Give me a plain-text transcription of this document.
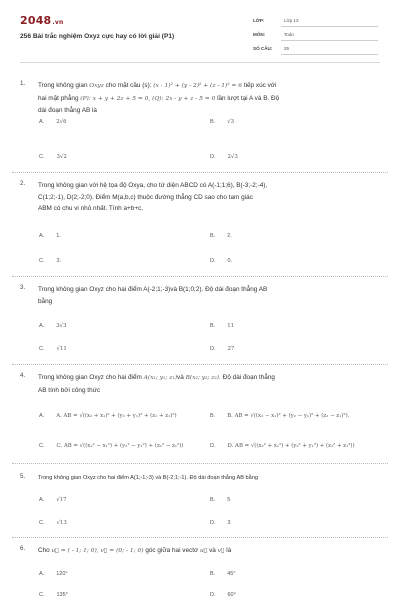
2048.vn
256 Bài trắc nghiệm Oxyz cực hay có lời giải (P1)
LỚP:	Lớp 12
MÔN:	Toán
SỐ CÂU:	25
1. Trong không gian Oxyz cho mặt cầu (s): (x · 1)² + (y - 2)² + (z - 1)² = 6 tiếp xúc với
hai mặt phẳng (P): x + y + 2z + 5 = 0, (Q): 2x - y + z - 5 = 0 lần lượt tại A và B. Độ
dài đoạn thẳng AB là
A. 2√6	B. √3
C. 3√2	D. 2√3
2. Trong không gian với hệ tọa độ Oxya, cho tứ diện ABCD có A(-1;1;6), B(-3;-2;-4),
C(1;2;-1), D(2;-2;0). Điểm M(a,b,c) thuộc đường thẳng CD sao cho tam giác
ABM có chu vi nhỏ nhất. Tính a+b+c.
A. 1.	B. 2.
C. 3.	D. 0.
3. Trong không gian Oxyz cho hai điểm A(-2;1;-3)và B(1;0;2). Độ dài đoạn thẳng AB
bằng
A. 3√3	B. 11
C. √11	D. 27
4. Trong không gian Oxyz cho hai điểm A(x₁; y₁; z₁)và B(x₂; y₂; z₂). Độ dài đoạn thẳng
AB tính bởi công thức
A. A. AB = √((x₂ + x₁)² + (y₂ + y₁)² + (z₂ + z₁)²)	B. B. AB = √((x₂ − x₁)² + (y₂ − y₁)² + (z₂ − z₁)²).
C. C. AB = √((x₂² − x₁²) + (y₂² − y₁²) + (z₂² − z₁²))	D. D. AB = √((x₂² + x₁²) + (y₂² + y₁²) + (z₂² + z₁²))
5. Trong không gian Oxyz cho hai điểm A(1;-1;-3) và B(-2;1;-1). Độ dài đoạn thẳng AB bằng
A. √17	B. 5
C. √13	D. 3
6. Cho u⃗ = ( - 1; 1; 0), v⃗ = (0; - 1; 0) góc giữa hai vectơ u⃗ và v⃗ là
A. 120°	B. 45°
C. 135°	D. 60°
